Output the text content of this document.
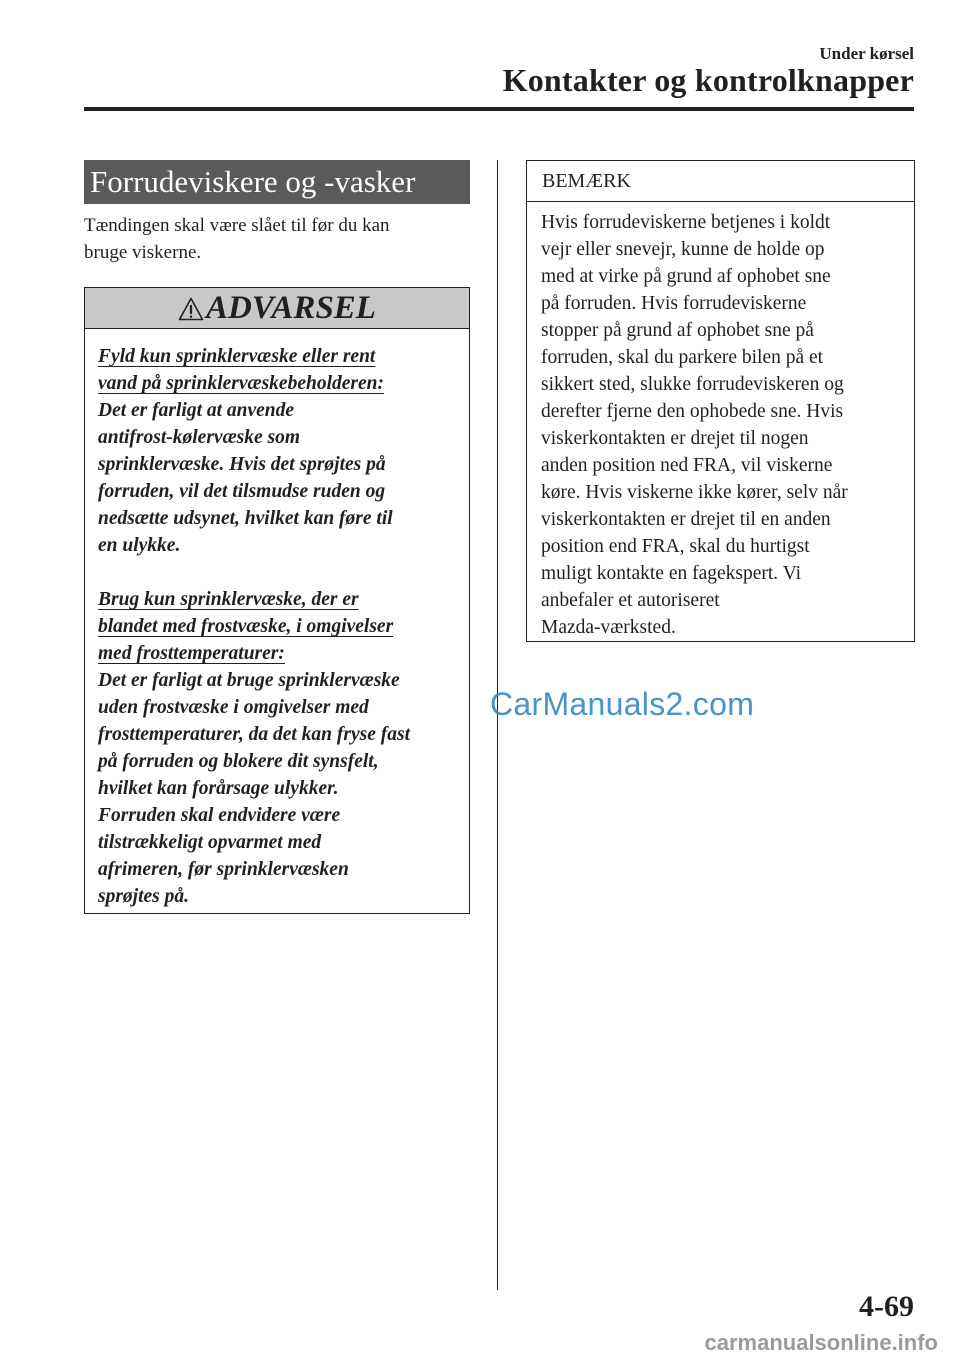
Under kørsel
Kontakter og kontrolknapper
Forrudeviskere og -vasker
Tændingen skal være slået til før du kan
bruge viskerne.
ADVARSEL

Fyld kun sprinklervæske eller rent

vand på sprinklervæskebeholderen:

Det er farligt at anvende

antifrost-kølervæske som

sprinklervæske. Hvis det sprøjtes på

forruden, vil det tilsmudse ruden og

nedsætte udsynet, hvilket kan føre til

en ulykke.

Brug kun sprinklervæske, der er

blandet med frostvæske, i omgivelser

med frosttemperaturer:

Det er farligt at bruge sprinklervæske

uden frostvæske i omgivelser med

frosttemperaturer, da det kan fryse fast

på forruden og blokere dit synsfelt,

hvilket kan forårsage ulykker.

Forruden skal endvidere være

tilstrækkeligt opvarmet med

afrimeren, før sprinklervæsken

sprøjtes på.

BEMÆRK
Hvis forrudeviskerne betjenes i koldt
vejr eller snevejr, kunne de holde op
med at virke på grund af ophobet sne
på forruden. Hvis forrudeviskerne
stopper på grund af ophobet sne på
forruden, skal du parkere bilen på et
sikkert sted, slukke forrudeviskeren og
derefter fjerne den ophobede sne. Hvis
viskerkontakten er drejet til nogen
anden position ned FRA, vil viskerne
køre. Hvis viskerne ikke kører, selv når
viskerkontakten er drejet til en anden
position end FRA, skal du hurtigst
muligt kontakte en fagekspert. Vi
anbefaler et autoriseret
Mazda-værksted.
CarManuals2.com
4-69
carmanualsonline.info
